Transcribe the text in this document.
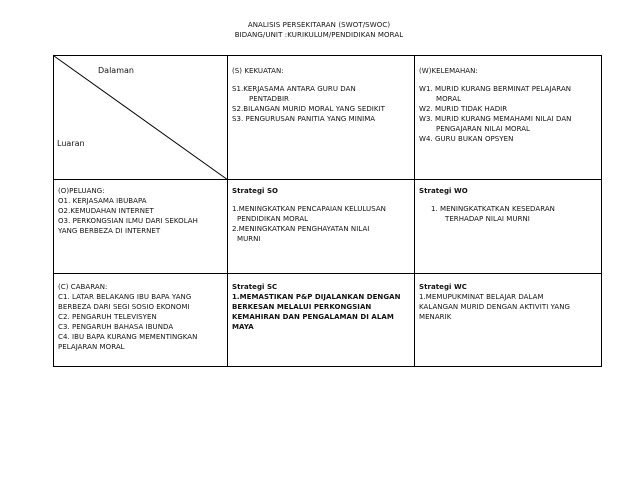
ANALISIS PERSEKITARAN (SWOT/SWOC)
BIDANG/UNIT :KURIKULUM/PENDIDIKAN MORAL
Dalaman
Luaran
(S) KEKUATAN:
S1.KERJASAMA ANTARA GURU DAN
PENTADBIR
S2.BILANGAN MURID MORAL YANG SEDIKIT
S3. PENGURUSAN PANITIA YANG MINIMA
(W)KELEMAHAN:
W1. MURID KURANG BERMINAT PELAJARAN
MORAL
W2. MURID TIDAK HADIR
W3. MURID KURANG MEMAHAMI NILAI DAN
PENGAJARAN NILAI MORAL
W4. GURU BUKAN OPSYEN
(O)PELUANG:
O1. KERJASAMA IBUBAPA
O2.KEMUDAHAN INTERNET
O3. PERKONGSIAN ILMU DARI SEKOLAH
YANG BERBEZA DI INTERNET
Strategi SO
1.MENINGKATKAN PENCAPAIAN KELULUSAN
PENDIDIKAN MORAL
2.MENINGKATKAN PENGHAYATAN NILAI
MURNI
Strategi WO
1. MENINGKATKATKAN KESEDARAN
TERHADAP NILAI MURNI
(C) CABARAN:
C1. LATAR BELAKANG IBU BAPA YANG
BERBEZA DARI SEGI SOSIO EKONOMI
C2. PENGARUH TELEVISYEN
C3. PENGARUH BAHASA IBUNDA
C4. IBU BAPA KURANG MEMENTINGKAN
PELAJARAN MORAL
Strategi SC
1.MEMASTIKAN P&P DIJALANKAN DENGAN
BERKESAN MELALUI PERKONGSIAN
KEMAHIRAN DAN PENGALAMAN DI ALAM
MAYA
Strategi WC
1.MEMUPUKMINAT BELAJAR DALAM
KALANGAN MURID DENGAN AKTIVITI YANG
MENARIK
